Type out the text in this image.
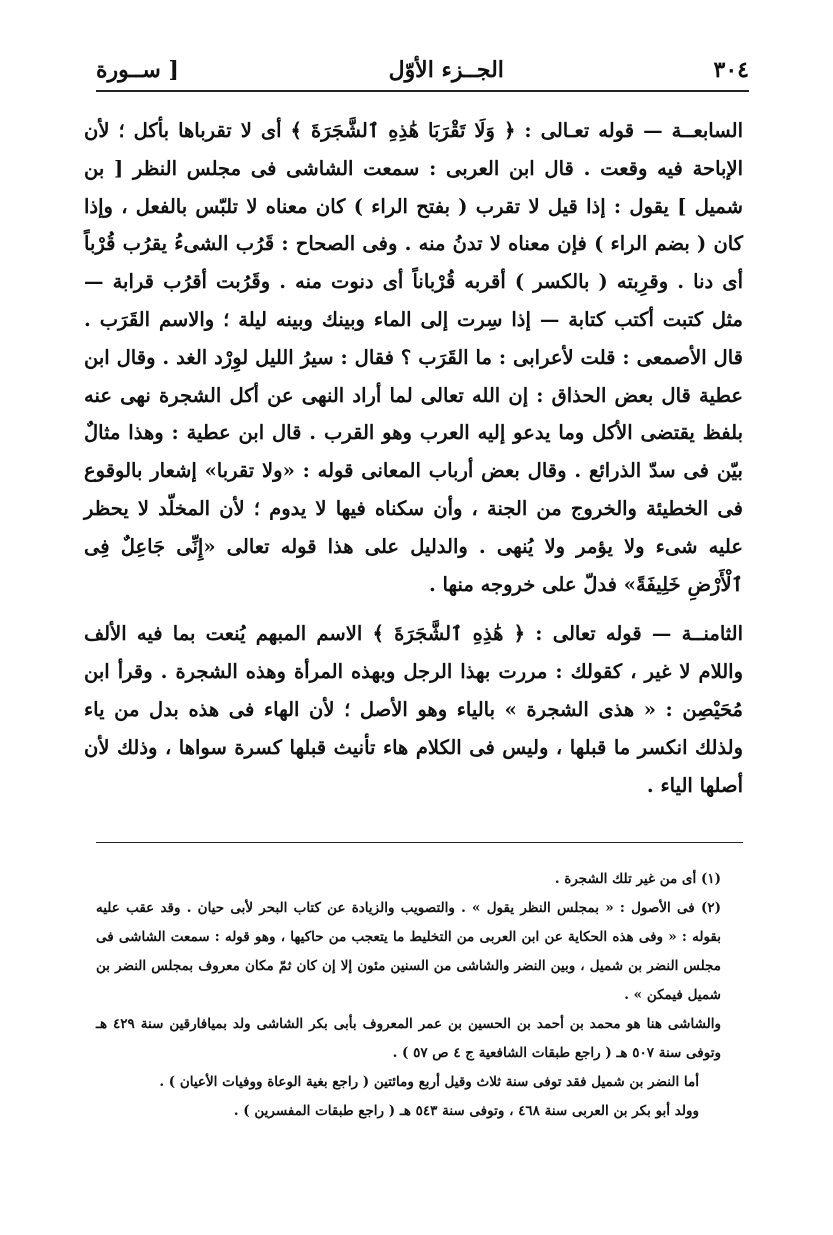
٣٠٤
الجــزء الأوّل
[ ســورة

السابعــة — قوله تعـالى : ﴿ وَلَا تَقْرَبَا هَٰذِهِ ٱلشَّجَرَةَ ﴾ أى لا تقرباها بأكل ؛ لأن الإباحة فيه وقعت . قال ابن العربى : سمعت الشاشى فى مجلس النظر [ بن شميل ] يقول : إذا قيل لا تقرب ( بفتح الراء ) كان معناه لا تلبّس بالفعل ، وإذا كان ( بضم الراء ) فإن معناه لا تدنُ منه . وفى الصحاح : قَرُب الشىءُ يقرُب قُرْباً أى دنا . وقرِبته ( بالكسر ) أقربه قُرْباناً أى دنوت منه . وقَرُبت أقرُب قرابة — مثل كتبت أكتب كتابة — إذا سِرت إلى الماء وبينك وبينه ليلة ؛ والاسم القَرَب . قال الأصمعى : قلت لأعرابى : ما القَرَب ؟ فقال : سيرُ الليل لوِرْد الغد . وقال ابن عطية قال بعض الحذاق : إن الله تعالى لما أراد النهى عن أكل الشجرة نهى عنه بلفظ يقتضى الأكل وما يدعو إليه العرب وهو القرب . قال ابن عطية : وهذا مثالٌ بيّن فى سدّ الذرائع . وقال بعض أرباب المعانى قوله : «ولا تقربا» إشعار بالوقوع فى الخطيئة والخروج من الجنة ، وأن سكناه فيها لا يدوم ؛ لأن المخلّد لا يحظر عليه شىء ولا يؤمر ولا يُنهى . والدليل على هذا قوله تعالى «إِنِّى جَاعِلٌ فِى ٱلْأَرْضِ خَلِيفَةً» فدلّ على خروجه منها .

الثامنــة — قوله تعالى : ﴿ هَٰذِهِ ٱلشَّجَرَةَ ﴾ الاسم المبهم يُنعت بما فيه الألف واللام لا غير ، كقولك : مررت بهذا الرجل وبهذه المرأة وهذه الشجرة . وقرأ ابن مُحَيْصِن : « هذى الشجرة » بالياء وهو الأصل ؛ لأن الهاء فى هذه بدل من ياء ولذلك انكسر ما قبلها ، وليس فى الكلام هاء تأنيث قبلها كسرة سواها ، وذلك لأن أصلها الياء .

(١) أى من غير تلك الشجرة .

(٢) فى الأصول : « بمجلس النظر يقول » . والتصويب والزيادة عن كتاب البحر لأبى حيان . وقد عقب عليه بقوله : « وفى هذه الحكاية عن ابن العربى من التخليط ما يتعجب من حاكيها ، وهو قوله : سمعت الشاشى فى مجلس النضر بن شميل ، وبين النضر والشاشى من السنين مئون إلا إن كان ثمّ مكان معروف بمجلس النضر بن شميل فيمكن » .

والشاشى هنا هو محمد بن أحمد بن الحسين بن عمر المعروف بأبى بكر الشاشى ولد بميافارقين سنة ٤٢٩ هـ وتوفى سنة ٥٠٧ هـ ( راجع طبقات الشافعية ج ٤ ص ٥٧ ) .

أما النضر بن شميل فقد توفى سنة ثلاث وقيل أربع ومائتين ( راجع بغية الوعاة ووفيات الأعيان ) .

وولد أبو بكر بن العربى سنة ٤٦٨ ، وتوفى سنة ٥٤٣ هـ ( راجع طبقات المفسرين ) .
